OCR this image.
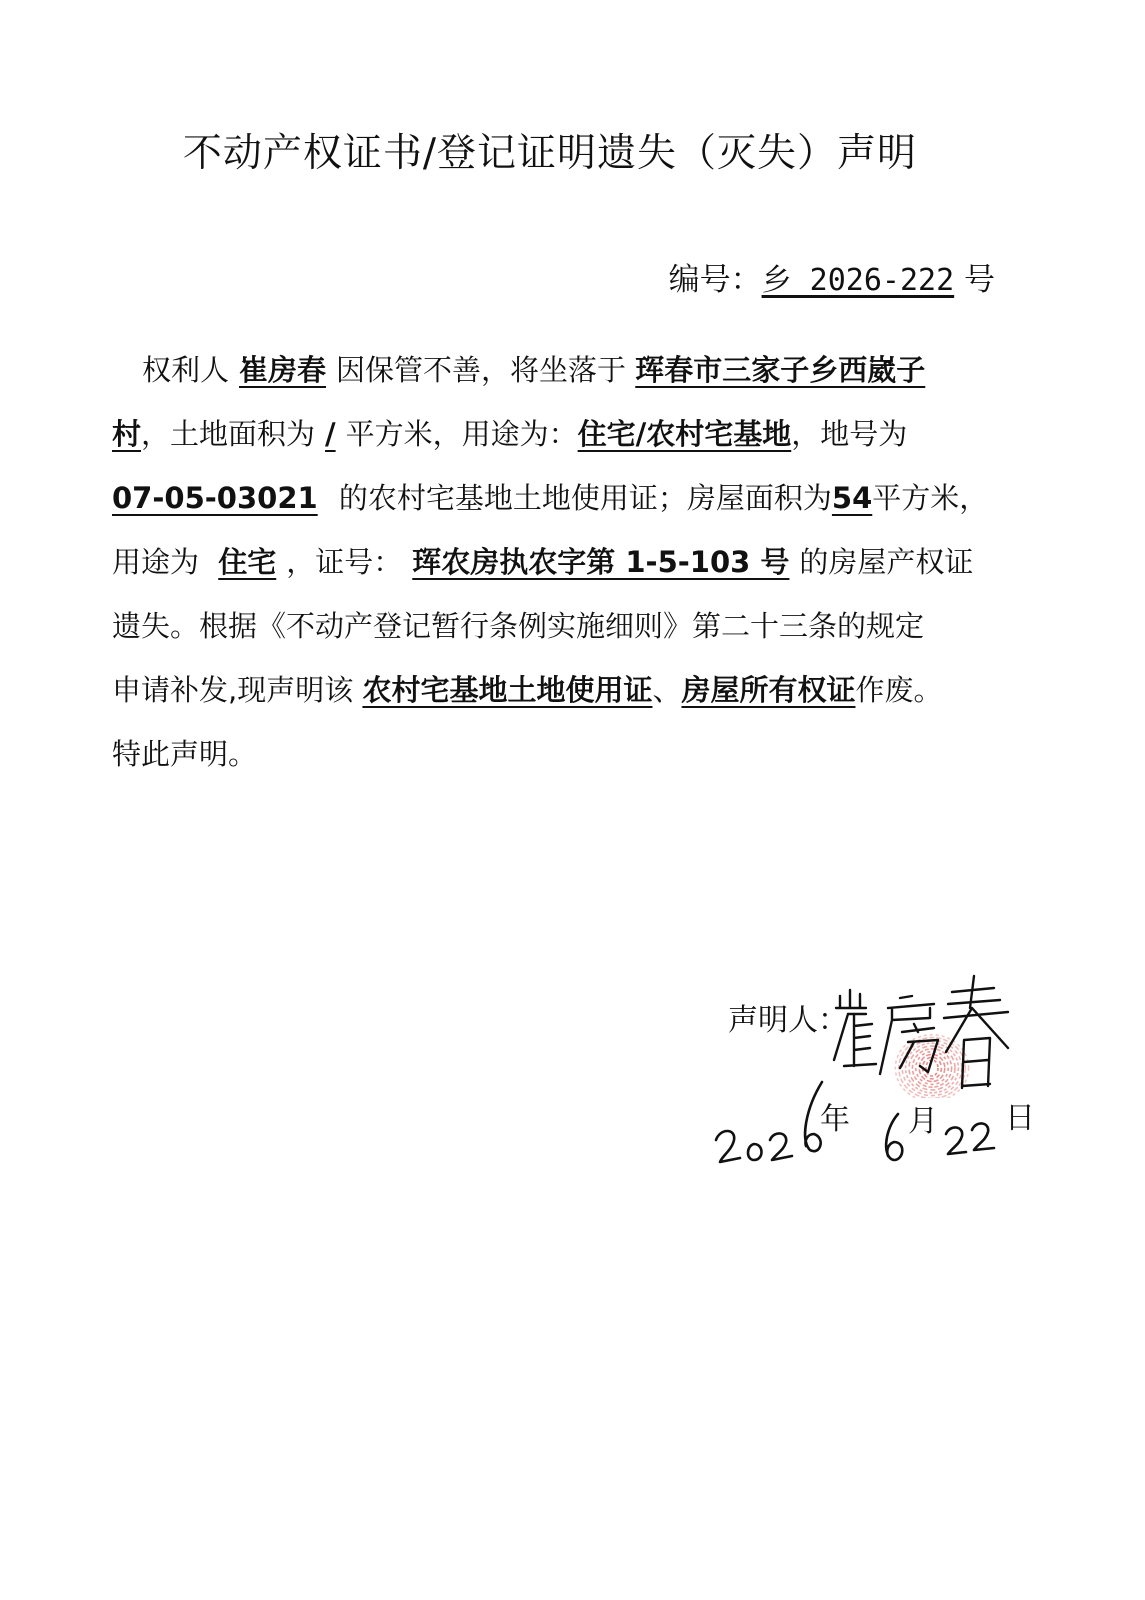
不动产权证书/登记证明遗失（灭失）声明
编号：乡 2026-222 号
权利人 崔房春 因保管不善，将坐落于 珲春市三家子乡西崴子
村，土地面积为 / 平方米，用途为：住宅/农村宅基地，地号为
07-05-03021 的农村宅基地土地使用证；房屋面积为54平方米，
用途为 住宅 ，证号： 珲农房执农字第 1-5-103 号 的房屋产权证
遗失。根据《不动产登记暂行条例实施细则》第二十三条的规定
申请补发,现声明该 农村宅基地土地使用证、房屋所有权证作废。
特此声明。
声明人：
年 月 日
